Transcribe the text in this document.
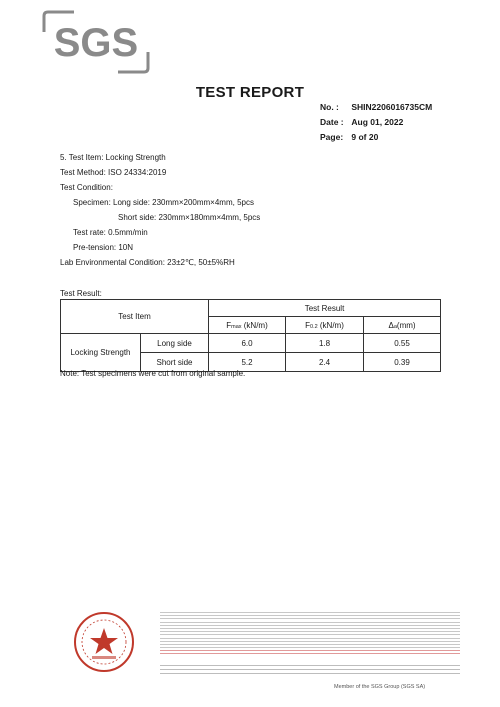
SGS
TEST REPORT
No. : SHIN2206016735CM
Date : Aug 01, 2022
Page: 9 of 20
5. Test Item: Locking Strength
Test Method: ISO 24334:2019
Test Condition:
Specimen: Long side: 230mm×200mm×4mm, 5pcs
Short side: 230mm×180mm×4mm, 5pcs
Test rate: 0.5mm/min
Pre-tension: 10N
Lab Environmental Condition: 23±2℃, 50±5%RH
Test Result:
Test Item		Test Result		
		Fmax (kN/m)	F0.2 (kN/m)	Δa(mm)
Locking Strength	Long side	6.0	1.8	0.55
	Short side	5.2	2.4	0.39
Note: Test specimens were cut from original sample.
Member of the SGS Group (SGS SA)
